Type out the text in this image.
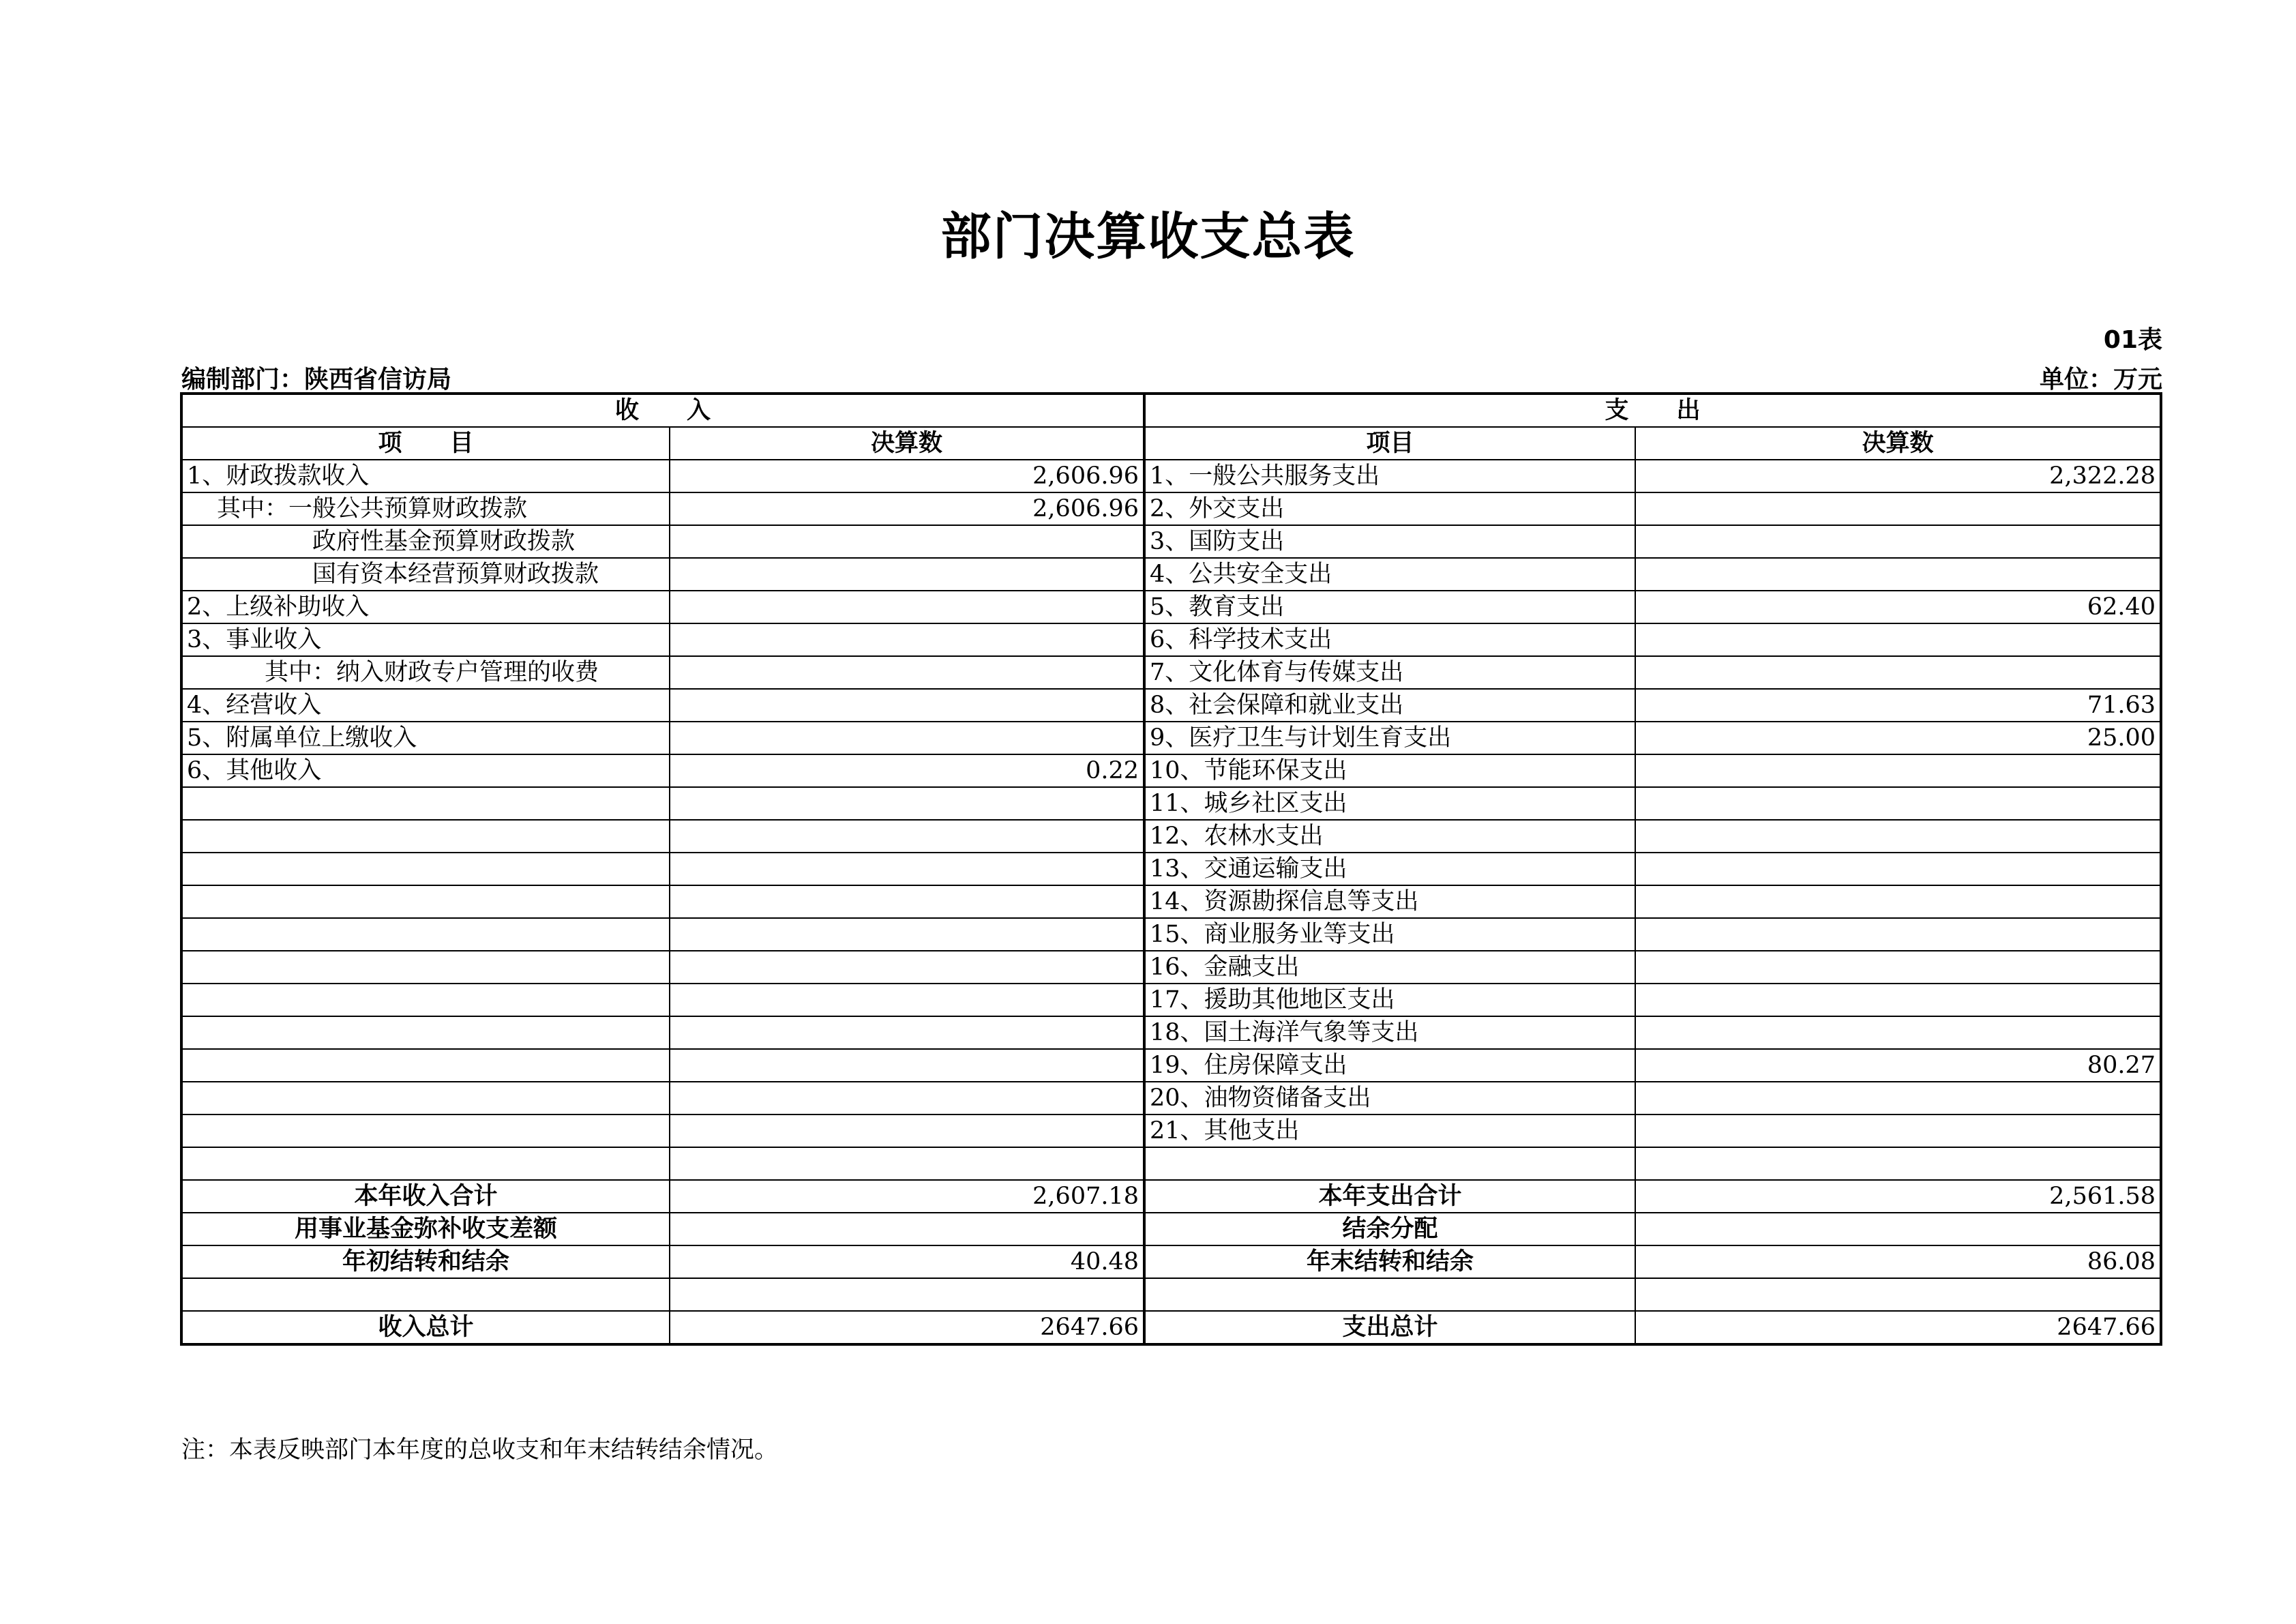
部门决算收支总表
01表
编制部门：陕西省信访局	单位：万元
收　　入		支　　出	
项　　目	决算数	项目	决算数
1、财政拨款收入	2,606.96	1、一般公共服务支出	2,322.28
其中：一般公共预算财政拨款	2,606.96	2、外交支出	
政府性基金预算财政拨款		3、国防支出	
国有资本经营预算财政拨款		4、公共安全支出	
2、上级补助收入		5、教育支出	62.40
3、事业收入		6、科学技术支出	
其中：纳入财政专户管理的收费		7、文化体育与传媒支出	
4、经营收入		8、社会保障和就业支出	71.63
5、附属单位上缴收入		9、医疗卫生与计划生育支出	25.00
6、其他收入	0.22	10、节能环保支出	
		11、城乡社区支出	
		12、农林水支出	
		13、交通运输支出	
		14、资源勘探信息等支出	
		15、商业服务业等支出	
		16、金融支出	
		17、援助其他地区支出	
		18、国土海洋气象等支出	
		19、住房保障支出	80.27
		20、油物资储备支出	
		21、其他支出	

本年收入合计	2,607.18	本年支出合计	2,561.58
用事业基金弥补收支差额		结余分配	
年初结转和结余	40.48	年末结转和结余	86.08

收入总计	2647.66	支出总计	2647.66
注：本表反映部门本年度的总收支和年末结转结余情况。
